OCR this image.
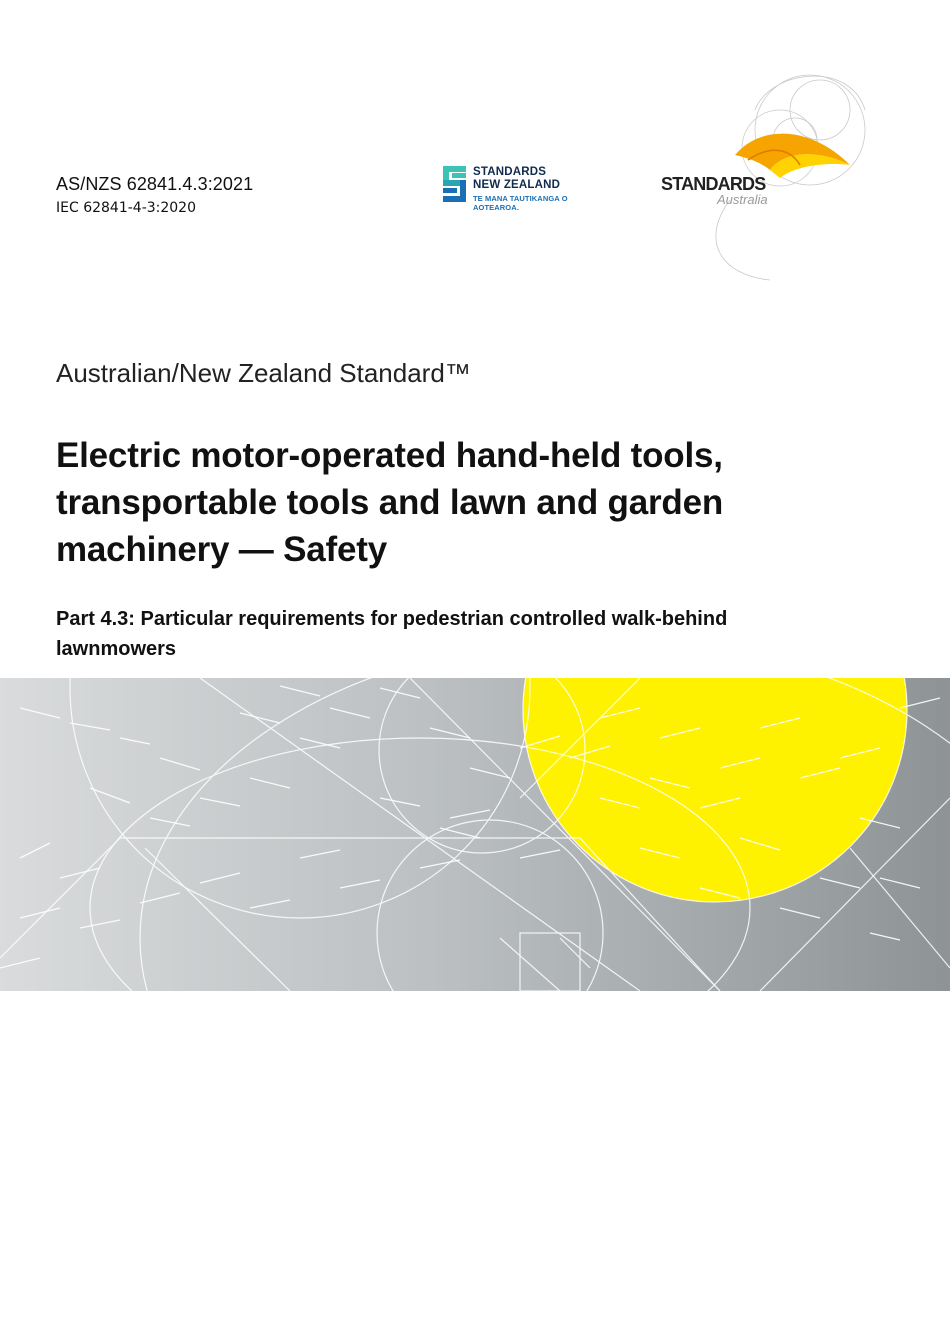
AS/NZS 62841.4.3:2021
IEC 62841-4-3:2020
STANDARDS
NEW ZEALAND
TE MANA TAUTIKANGA O AOTEAROA.
STANDARDS
Australia
Australian/New Zealand Standard™
Electric motor-operated hand-held tools, transportable tools and lawn and garden machinery — Safety
Part 4.3: Particular requirements for pedestrian controlled walk-behind lawnmowers
